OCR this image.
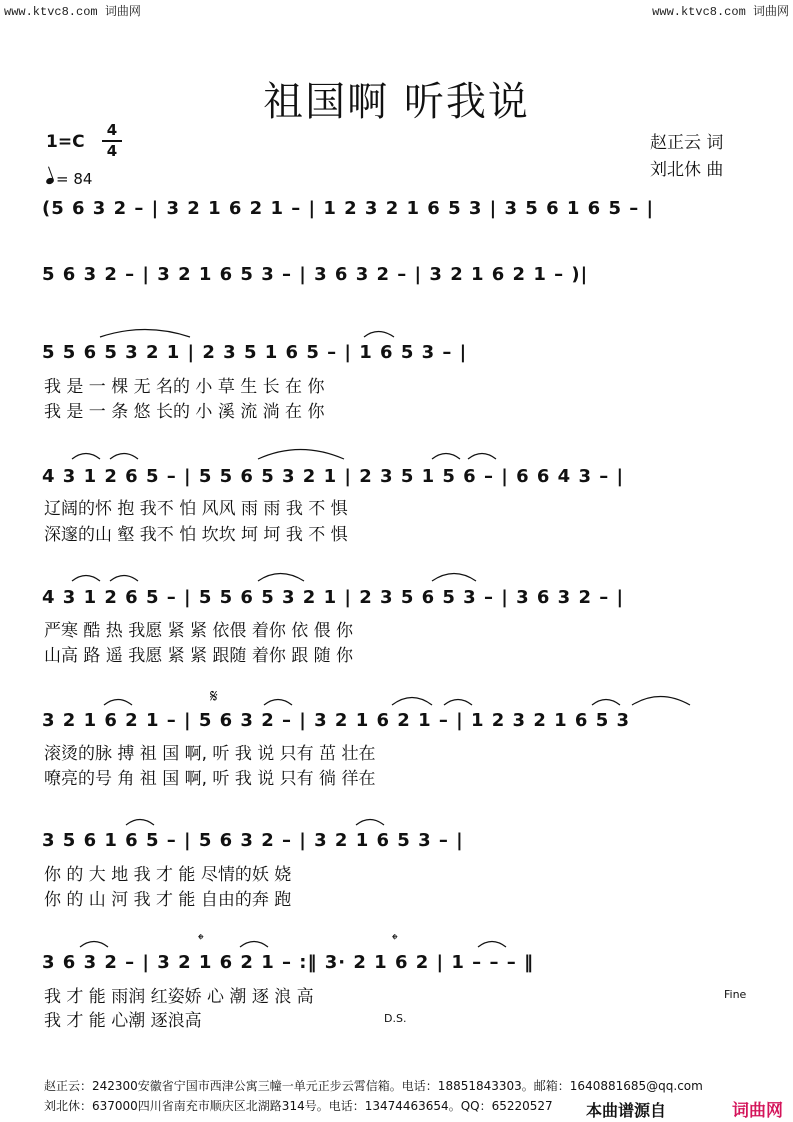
www.ktvc8.com 词曲网	www.ktvc8.com 词曲网
祖国啊 听我说
1=C
4
4
= 84
赵正云 词
刘北休 曲
(5 6 3 2 – | 3 2 1 6 2 1 – | 1 2 3 2 1 6 5 3 | 3 5 6 1 6 5 – |
5 6 3 2 – | 3 2 1 6 5 3 – | 3 6 3 2 – | 3 2 1 6 2 1 – )|
5 5 6 5 3 2 1 | 2 3 5 1 6 5 – | 1 6 5 3 – |
我 是 一 棵 无 名的 小 草 生 长 在 你
我 是 一 条 悠 长的 小 溪 流 淌 在 你
4 3 1 2 6 5 – | 5 5 6 5 3 2 1 | 2 3 5 1 5 6 – | 6 6 4 3 – |
辽阔的怀 抱 我不 怕 风风 雨 雨 我 不 惧
深邃的山 壑 我不 怕 坎坎 坷 坷 我 不 惧
4 3 1 2 6 5 – | 5 5 6 5 3 2 1 | 2 3 5 6 5 3 – | 3 6 3 2 – |
严寒 酷 热 我愿 紧 紧 依偎 着你 依 偎 你
山高 路 遥 我愿 紧 紧 跟随 着你 跟 随 你
𝄋
3 2 1 6 2 1 – | 5 6 3 2 – | 3 2 1 6 2 1 – | 1 2 3 2 1 6 5 3
滚烫的脉 搏 祖 国 啊, 听 我 说 只有 茁 壮在
嘹亮的号 角 祖 国 啊, 听 我 说 只有 徜 徉在
3 5 6 1 6 5 – | 5 6 3 2 – | 3 2 1 6 5 3 – |
你 的 大 地 我 才 能 尽情的妖 娆
你 的 山 河 我 才 能 自由的奔 跑
𝄌	𝄌
3 6 3 2 – | 3 2 1 6 2 1 – :‖ 3· 2 1 6 2 | 1 – – – ‖
我 才 能 雨润 红姿娇 心 潮 逐 浪 高	Fine
我 才 能 心潮 逐浪高	D.S.
赵正云：242300安徽省宁国市西津公寓三幢一单元正步云霄信箱。电话：18851843303。邮箱：1640881685@qq.com
刘北休：637000四川省南充市顺庆区北湖路314号。电话：13474463654。QQ：65220527 本曲谱源自	词曲网
